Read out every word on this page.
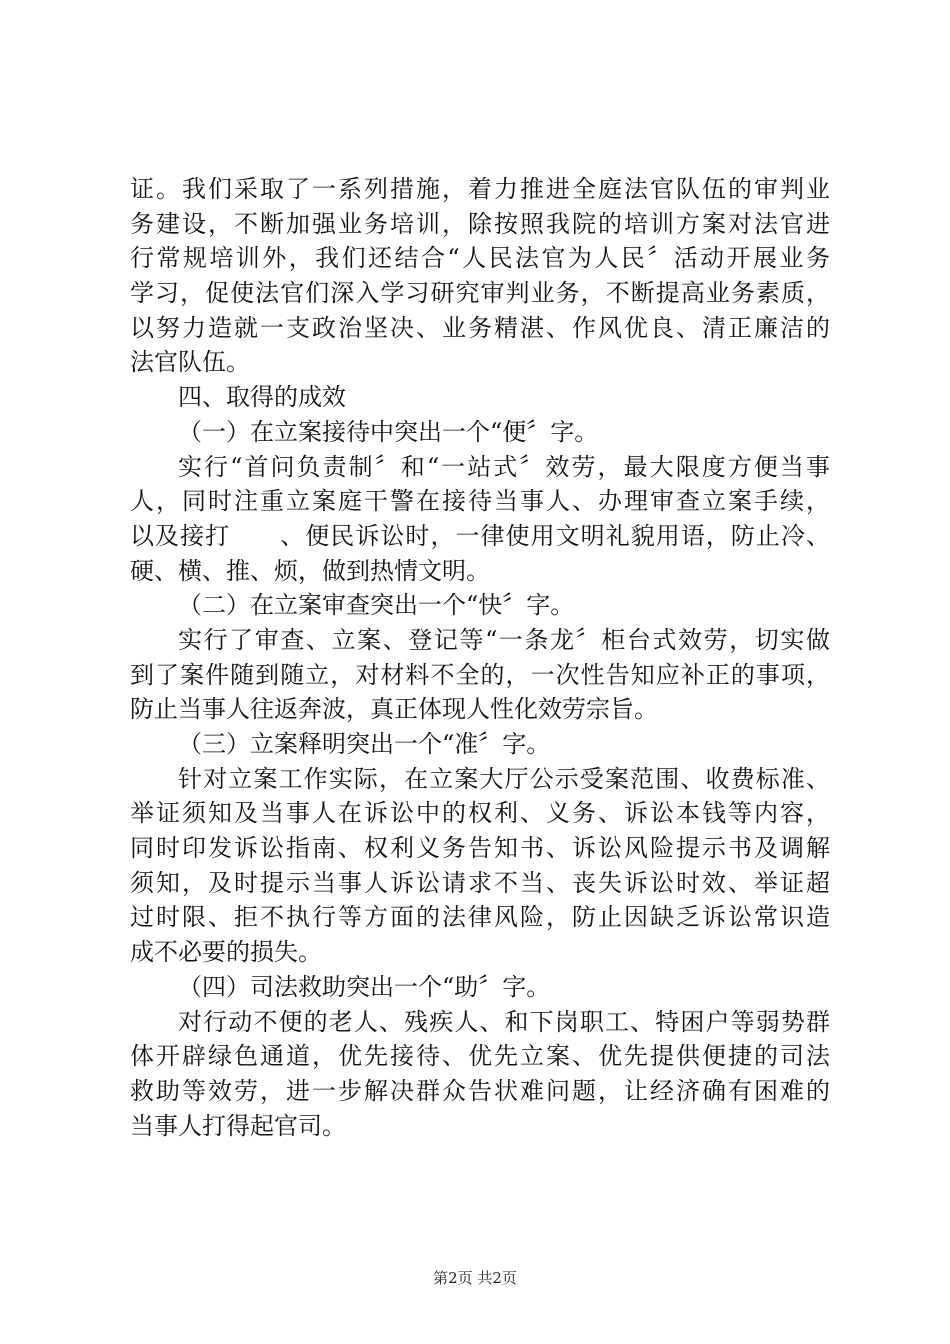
证。我们采取了一系列措施，着力推进全庭法官队伍的审判业
务建设，不断加强业务培训，除按照我院的培训方案对法官进
行常规培训外，我们还结合“人民法官为人民〞活动开展业务
学习，促使法官们深入学习研究审判业务，不断提高业务素质，
以努力造就一支政治坚决、业务精湛、作风优良、清正廉洁的
法官队伍。
四、取得的成效
（一）在立案接待中突出一个“便〞字。
实行“首问负责制〞和“一站式〞效劳，最大限度方便当事
人，同时注重立案庭干警在接待当事人、办理审查立案手续，
以及接打　　、便民诉讼时，一律使用文明礼貌用语，防止冷、
硬、横、推、烦，做到热情文明。
（二）在立案审查突出一个“快〞字。
实行了审查、立案、登记等“一条龙〞柜台式效劳，切实做
到了案件随到随立，对材料不全的，一次性告知应补正的事项，
防止当事人往返奔波，真正体现人性化效劳宗旨。
（三）立案释明突出一个“准〞字。
针对立案工作实际，在立案大厅公示受案范围、收费标准、
举证须知及当事人在诉讼中的权利、义务、诉讼本钱等内容，
同时印发诉讼指南、权利义务告知书、诉讼风险提示书及调解
须知，及时提示当事人诉讼请求不当、丧失诉讼时效、举证超
过时限、拒不执行等方面的法律风险，防止因缺乏诉讼常识造
成不必要的损失。
（四）司法救助突出一个“助〞字。
对行动不便的老人、残疾人、和下岗职工、特困户等弱势群
体开辟绿色通道，优先接待、优先立案、优先提供便捷的司法
救助等效劳，进一步解决群众告状难问题，让经济确有困难的
当事人打得起官司。
第2页 共2页
